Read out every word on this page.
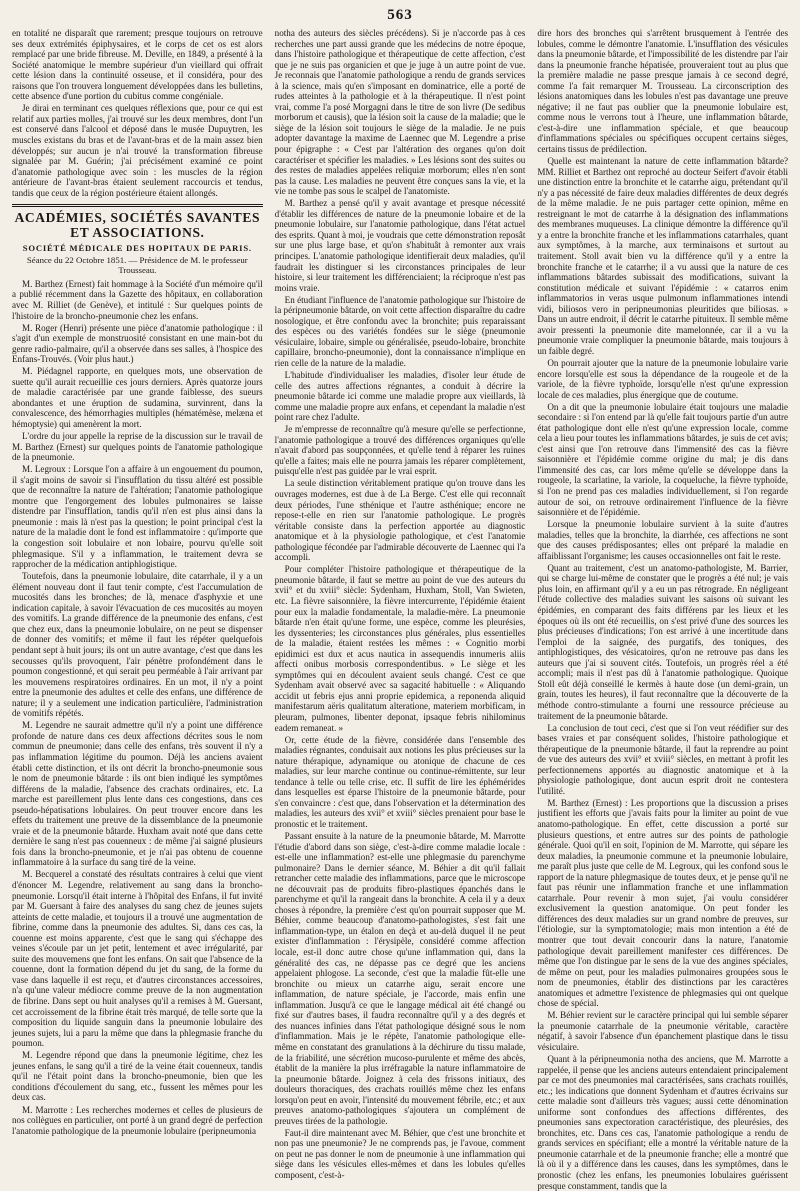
563

en totalité ne disparaît que rarement; presque toujours on retrouve ses deux extrémités épiphysaires, et le corps de cet os est alors remplacé par une bride fibreuse. M. Deville, en 1849, a présenté à la Société anatomique le membre supérieur d'un vieillard qui offrait cette lésion dans la continuité osseuse, et il considéra, pour des raisons que l'on trouvera longuement développées dans les bulletins, cette absence d'une portion du cubitus comme congéniale.

Je dirai en terminant ces quelques réflexions que, pour ce qui est relatif aux parties molles, j'ai trouvé sur les deux membres, dont l'un est conservé dans l'alcool et déposé dans le musée Dupuytren, les muscles existans du bras et de l'avant-bras et de la main assez bien développés; sur aucun je n'ai trouvé la transformation fibreuse signalée par M. Guérin; j'ai précisément examiné ce point d'anatomie pathologique avec soin : les muscles de la région antérieure de l'avant-bras étaient seulement raccourcis et tendus, tandis que ceux de la région postérieure étaient allongés.

ACADÉMIES, SOCIÉTÉS SAVANTES ET ASSOCIATIONS.
SOCIÉTÉ MÉDICALE DES HOPITAUX DE PARIS.
Séance du 22 Octobre 1851. — Présidence de M. le professeur Trousseau.

M. Barthez (Ernest) fait hommage à la Société d'un mémoire qu'il a publié récemment dans la Gazette des hôpitaux, en collaboration avec M. Rilliet (de Genève), et intitulé : Sur quelques points de l'histoire de la broncho-pneumonie chez les enfans.

M. Roger (Henri) présente une pièce d'anatomie pathologique : il s'agit d'un exemple de monstruosité consistant en une main-bot du genre radio-palmaire, qu'il a observée dans ses salles, à l'hospice des Enfans-Trouvés. (Voir plus haut.)

M. Piédagnel rapporte, en quelques mots, une observation de suette qu'il aurait recueillie ces jours derniers. Après quatorze jours de maladie caractérisée par une grande faiblesse, des sueurs abondantes et une éruption de sudamina, survinrent, dans la convalescence, des hémorrhagies multiples (hématémèse, melæna et hémoptysie) qui amenèrent la mort.

L'ordre du jour appelle la reprise de la discussion sur le travail de M. Barthez (Ernest) sur quelques points de l'anatomie pathologique de la pneumonie.

M. Legroux : Lorsque l'on a affaire à un engouement du poumon, il s'agit moins de savoir si l'insufflation du tissu altéré est possible que de reconnaître la nature de l'altération; l'anatomie pathologique montre que l'engorgement des lobules pulmonaires se laisse distendre par l'insufflation, tandis qu'il n'en est plus ainsi dans la pneumonie : mais là n'est pas la question; le point principal c'est la nature de la maladie dont le fond est inflammatoire : qu'importe que la congestion soit lobulaire et non lobaire, pourvu qu'elle soit phlegmasique. S'il y a inflammation, le traitement devra se rapprocher de la médication antiphlogistique.

Toutefois, dans la pneumonie lobulaire, dite catarrhale, il y a un élément nouveau dont il faut tenir compte, c'est l'accumulation de mucosités dans les bronches; de là, menace d'asphyxie et une indication capitale, à savoir l'évacuation de ces mucosités au moyen des vomitifs. La grande différence de la pneumonie des enfans, c'est que chez eux, dans la pneumonie lobulaire, on ne peut se dispenser de donner des vomitifs; et même il faut les répéter quelquefois pendant sept à huit jours; ils ont un autre avantage, c'est que dans les secousses qu'ils provoquent, l'air pénètre profondément dans le poumon congestionné, et qui serait peu perméable à l'air arrivant par les mouvemens respiratoires ordinaires. En un mot, il n'y a point entre la pneumonie des adultes et celle des enfans, une différence de nature; il y a seulement une indication particulière, l'administration de vomitifs répétés.

M. Legendre ne saurait admettre qu'il n'y a point une différence profonde de nature dans ces deux affections décrites sous le nom commun de pneumonie; dans celle des enfans, très souvent il n'y a pas inflammation légitime du poumon. Déjà les anciens avaient établi cette distinction, et ils ont décrit la broncho-pneumonie sous le nom de pneumonie bâtarde : ils ont bien indiqué les symptômes différens de la maladie, l'absence des crachats ordinaires, etc. La marche est pareillement plus lente dans ces congestions, dans ces pseudo-hépatisations lobulaires. On peut trouver encore dans les effets du traitement une preuve de la dissemblance de la pneumonie vraie et de la pneumonie bâtarde. Huxham avait noté que dans cette dernière le sang n'est pas couenneux : de même j'ai saigné plusieurs fois dans la broncho-pneumonie, et je n'ai pas obtenu de couenne inflammatoire à la surface du sang tiré de la veine.

M. Becquerel a constaté des résultats contraires à celui que vient d'énoncer M. Legendre, relativement au sang dans la broncho-pneumonie. Lorsqu'il était interne à l'hôpital des Enfans, il fut invité par M. Guersant à faire des analyses du sang chez de jeunes sujets atteints de cette maladie, et toujours il a trouvé une augmentation de fibrine, comme dans la pneumonie des adultes. Si, dans ces cas, la couenne est moins apparente, c'est que le sang qui s'échappe des veines s'écoule par un jet petit, lentement et avec irrégularité, par suite des mouvemens que font les enfans. On sait que l'absence de la couenne, dont la formation dépend du jet du sang, de la forme du vase dans laquelle il est reçu, et d'autres circonstances accessoires, n'a qu'une valeur médiocre comme preuve de la non augmentation de fibrine. Dans sept ou huit analyses qu'il a remises à M. Guersant, cet accroissement de la fibrine était très marqué, de telle sorte que la composition du liquide sanguin dans la pneumonie lobulaire des jeunes sujets, lui a paru la même que dans la phlegmasie franche du poumon.

M. Legendre répond que dans la pneumonie légitime, chez les jeunes enfans, le sang qu'il a tiré de la veine était couenneux, tandis qu'il ne l'était point dans la broncho-pneumonie, bien que les conditions d'écoulement du sang, etc., fussent les mêmes pour les deux cas.

M. Marrotte : Les recherches modernes et celles de plusieurs de nos collègues en particulier, ont porté à un grand degré de perfection l'anatomie pathologique de la pneumonie lobulaire (peripneumonia

notha des auteurs des siècles précédens). Si je n'accorde pas à ces recherches une part aussi grande que les médecins de notre époque, dans l'histoire pathologique et thérapeutique de cette affection, c'est que je ne suis pas organicien et que je juge à un autre point de vue. Je reconnais que l'anatomie pathologique a rendu de grands services à la science, mais qu'en s'imposant en dominatrice, elle a porté de rudes atteintes à la pathologie et à la thérapeutique. Il n'est point vrai, comme l'a posé Morgagni dans le titre de son livre (De sedibus morborum et causis), que la lésion soit la cause de la maladie; que le siège de la lésion soit toujours le siège de la maladie. Je ne puis adopter davantage la maxime de Laennec que M. Legendre a prise pour épigraphe : « C'est par l'altération des organes qu'on doit caractériser et spécifier les maladies. » Les lésions sont des suites ou des restes de maladies appelées reliquiæ morborum; elles n'en sont pas la cause. Les maladies ne peuvent être conçues sans la vie, et la vie ne tombe pas sous le scalpel de l'anatomiste.

M. Barthez a pensé qu'il y avait avantage et presque nécessité d'établir les différences de nature de la pneumonie lobaire et de la pneumonie lobulaire, sur l'anatomie pathologique, dans l'état actuel des esprits. Quant à moi, je voudrais que cette démonstration reposât sur une plus large base, et qu'on s'habituât à remonter aux vrais principes. L'anatomie pathologique identifierait deux maladies, qu'il faudrait les distinguer si les circonstances principales de leur histoire, si leur traitement les différenciaient; la réciproque n'est pas moins vraie.

En étudiant l'influence de l'anatomie pathologique sur l'histoire de la péripneumonie bâtarde, on voit cette affection disparaître du cadre nosologique, et être confondu avec la bronchite; puis reparaissant des espèces ou des variétés fondées sur le siège (pneumonie vésiculaire, lobaire, simple ou généralisée, pseudo-lobaire, bronchite capillaire, broncho-pneumonie), dont la connaissance n'implique en rien celle de la nature de la maladie.

L'habitude d'individualiser les maladies, d'isoler leur étude de celle des autres affections régnantes, a conduit à décrire la pneumonie bâtarde ici comme une maladie propre aux vieillards, là comme une maladie propre aux enfans, et cependant la maladie n'est point rare chez l'adulte.

Je m'empresse de reconnaître qu'à mesure qu'elle se perfectionne, l'anatomie pathologique a trouvé des différences organiques qu'elle n'avait d'abord pas soupçonnées, et qu'elle tend à réparer les ruines qu'elle a faites; mais elle ne pourra jamais les réparer complètement, puisqu'elle n'est pas guidée par le vrai esprit.

La seule distinction véritablement pratique qu'on trouve dans les ouvrages modernes, est due à de La Berge. C'est elle qui reconnaît deux périodes, l'une sthénique et l'autre asthénique; encore ne repose-t-elle en rien sur l'anatomie pathologique. Le progrès véritable consiste dans la perfection apportée au diagnostic anatomique et à la physiologie pathologique, et c'est l'anatomie pathologique fécondée par l'admirable découverte de Laennec qui l'a accompli.

Pour compléter l'histoire pathologique et thérapeutique de la pneumonie bâtarde, il faut se mettre au point de vue des auteurs du xvii° et du xviii° siècle: Sydenham, Huxham, Stoll, Van Swieten, etc. La fièvre saisonnière, la fièvre intercurrente, l'épidémie étaient pour eux la maladie fondamentale, la maladie-mère. La pneumonie bâtarde n'en était qu'une forme, une espèce, comme les pleurésies, les dyssenteries; les circonstances plus générales, plus essentielles de la maladie, étaient restées les mêmes : « Cognitio morbi epidimici est dux et acus nautica in assequendis innumeris aliis affecti onibus morbosis correspondentibus. » Le siège et les symptômes qui en découlent avaient seuls changé. C'est ce que Sydenham avait observé avec sa sagacité habituelle : « Aliquando accidit ut febris ejus anni proprie epidemica, a reponenda aliquid manifestarum aëris qualitatum alteratione, materiem morbificam, in pleuram, pulmones, libenter deponat, ipsaque febris nihilominus eadem remaneat. »

Or, cette étude de la fièvre, considérée dans l'ensemble des maladies régnantes, conduisait aux notions les plus précieuses sur la nature thérapique, adynamique ou atonique de chacune de ces maladies, sur leur marche continue ou continue-rémittente, sur leur tendance à telle ou telle crise, etc. Il suffit de lire les éphémérides dans lesquelles est éparse l'histoire de la pneumonie bâtarde, pour s'en convaincre : c'est que, dans l'observation et la détermination des maladies, les auteurs des xvii° et xviii° siècles prenaient pour base le pronostic et le traitement.

Passant ensuite à la nature de la pneumonie bâtarde, M. Marrotte l'étudie d'abord dans son siège, c'est-à-dire comme maladie locale : est-elle une inflammation? est-elle une phlegmasie du parenchyme pulmonaire? Dans le dernier séance, M. Béhier a dit qu'il fallait retrancher cette maladie des inflammations, parce que le microscope ne découvrait pas de produits fibro-plastiques épanchés dans le parenchyme et qu'il la rangeait dans la bronchite. A cela il y a deux choses à répondre, la première c'est qu'on pourrait supposer que M. Béhier, comme beaucoup d'anatomo-pathologistes, s'est fait une inflammation-type, un étalon en deçà et au-delà duquel il ne peut exister d'inflammation : l'érysipèle, considéré comme affection locale, est-il donc autre chose qu'une inflammation qui, dans la généralité des cas, ne dépasse pas ce degré que les anciens appelaient phlogose. La seconde, c'est que la maladie fût-elle une bronchite ou mieux un catarrhe aigu, serait encore une inflammation, de nature spéciale, je l'accorde, mais enfin une inflammation. Jusqu'à ce que le langage médical ait été changé ou fixé sur d'autres bases, il faudra reconnaître qu'il y a des degrés et des nuances infinies dans l'état pathologique désigné sous le nom d'inflammation. Mais je le répète, l'anatomie pathologique elle-même en constatant des granulations à la déchirure du tissu malade, de la friabilité, une sécrétion mucoso-purulente et même des abcès, établit de la manière la plus irréfragable la nature inflammatoire de la pneumonie bâtarde. Joignez à cela des frissons initiaux, des douleurs thoraciques, des crachats rouillés même chez les enfans lorsqu'on peut en avoir, l'intensité du mouvement fébrile, etc.; et aux preuves anatomo-pathologiques s'ajoutera un complément de preuves tirées de la pathologie.

Faut-il dire maintenant avec M. Béhier, que c'est une bronchite et non pas une pneumonie? Je ne comprends pas, je l'avoue, comment on peut ne pas donner le nom de pneumonie à une inflammation qui siège dans les vésicules elles-mêmes et dans les lobules qu'elles composent, c'est-à-

dire hors des bronches qui s'arrêtent brusquement à l'entrée des lobules, comme le démontre l'anatomie. L'insufflation des vésicules dans la pneumonie bâtarde, et l'impossibilité de les distendre par l'air dans la pneumonie franche hépatisée, prouveraient tout au plus que la première maladie ne passe presque jamais à ce second degré, comme l'a fait remarquer M. Trousseau. La circonscription des lésions anatomiques dans les lobules n'est pas davantage une preuve négative; il ne faut pas oublier que la pneumonie lobulaire est, comme nous le verrons tout à l'heure, une inflammation bâtarde, c'est-à-dire une inflammation spéciale, et que beaucoup d'inflammations spéciales ou spécifiques occupent certains sièges, certains tissus de prédilection.

Quelle est maintenant la nature de cette inflammation bâtarde? MM. Rilliet et Barthez ont reproché au docteur Seifert d'avoir établi une distinction entre la bronchite et le catarrhe aigu, prétendant qu'il n'y a pas nécessité de faire deux maladies différentes de deux degrés de la même maladie. Je ne puis partager cette opinion, même en restreignant le mot de catarrhe à la désignation des inflammations des membranes muqueuses. La clinique démontre la différence qu'il y a entre la bronchite franche et les inflammations catarrhales, quant aux symptômes, à la marche, aux terminaisons et surtout au traitement. Stoll avait bien vu la différence qu'il y a entre la bronchite franche et le catarrhe; il a vu aussi que la nature de ces inflammations bâtardes subissait des modifications, suivant la constitution médicale et suivant l'épidémie : « catarros enim inflammatorios in veras usque pulmonum inflammationes intendi vidi, biliosos vero in peripneumonias pleuritides que biliosas. » Dans un autre endroit, il décrit le catarrhe pituiteux. Il semble même avoir pressenti la pneumonie dite mamelonnée, car il a vu la pneumonie vraie compliquer la pneumonie bâtarde, mais toujours à un faible degré.

On pourrait ajouter que la nature de la pneumonie lobulaire varie encore lorsqu'elle est sous la dépendance de la rougeole et de la variole, de la fièvre typhoïde, lorsqu'elle n'est qu'une expression locale de ces maladies, plus énergique que de coutume.

On a dit que la pneumonie lobulaire était toujours une maladie secondaire : si l'on entend par là qu'elle fait toujours partie d'un autre état pathologique dont elle n'est qu'une expression locale, comme cela a lieu pour toutes les inflammations bâtardes, je suis de cet avis; c'est ainsi que l'on retrouve dans l'immensité des cas la fièvre saisonnière et l'épidémie comme origine du mal; je dis dans l'immensité des cas, car lors même qu'elle se développe dans la rougeole, la scarlatine, la variole, la coqueluche, la fièvre typhoïde, si l'on ne prend pas ces maladies individuellement, si l'on regarde autour de soi, on retrouve ordinairement l'influence de la fièvre saisonnière et de l'épidémie.

Lorsque la pneumonie lobulaire survient à la suite d'autres maladies, telles que la bronchite, la diarrhée, ces affections ne sont que des causes prédisposantes; elles ont préparé la maladie en affaiblissant l'organisme; les causes occasionnelles ont fait le reste.

Quant au traitement, c'est un anatomo-pathologiste, M. Barrier, qui se charge lui-même de constater que le progrès a été nul; je vais plus loin, en affirmant qu'il y a eu un pas rétrograde. En négligeant l'étude collective des maladies suivant les saisons où suivant les épidémies, en comparant des faits différens par les lieux et les époques où ils ont été recueillis, on s'est privé d'une des sources les plus précieuses d'indications; l'on est arrivé à une incertitude dans l'emploi de la saignée, des purgatifs, des toniques, des antiphlogistiques, des vésicatoires, qu'on ne retrouve pas dans les auteurs que j'ai si souvent cités. Toutefois, un progrès réel a été accompli; mais il n'est pas dû à l'anatomie pathologique. Quoique Stoll eût déjà conseillé le kermès à haute dose (un demi-grain, un grain, toutes les heures), il faut reconnaître que la découverte de la méthode contro-stimulante a fourni une ressource précieuse au traitement de la pneumonie bâtarde.

La conclusion de tout ceci, c'est que si l'on veut réédifier sur des bases vraies et par conséquent solides, l'histoire pathologique et thérapeutique de la pneumonie bâtarde, il faut la reprendre au point de vue des auteurs des xvii° et xviii° siècles, en mettant à profit les perfectionnemens apportés au diagnostic anatomique et à la physiologie pathologique, dont aucun esprit droit ne contestera l'utilité.

M. Barthez (Ernest) : Les proportions que la discussion a prises justifient les efforts que j'avais faits pour la limiter au point de vue anatomo-pathologique. En effet, cette discussion a porté sur plusieurs questions, et entre autres sur des points de pathologie générale. Quoi qu'il en soit, l'opinion de M. Marrotte, qui sépare les deux maladies, la pneumonie commune et la pneumonie lobulaire, me paraît plus juste que celle de M. Legroux, qui les confond sous le rapport de la nature phlegmasique de toutes deux, et je pense qu'il ne faut pas réunir une inflammation franche et une inflammation catarrhale. Pour revenir à mon sujet, j'ai voulu considérer exclusivement la question anatomique. On peut fonder les différences des deux maladies sur un grand nombre de preuves, sur l'étiologie, sur la symptomatologie; mais mon intention a été de montrer que tout devait concourir dans la nature, l'anatomie pathologique devait pareillement manifester ces différences. De même que l'on distingue par le sens de la vue des angines spéciales, de même on peut, pour les maladies pulmonaires groupées sous le nom de pneumonies, établir des distinctions par les caractères anatomiques et admettre l'existence de phlegmasies qui ont quelque chose de spécial.

M. Béhier revient sur le caractère principal qui lui semble séparer la pneumonie catarrhale de la pneumonie véritable, caractère négatif, à savoir l'absence d'un épanchement plastique dans le tissu vésiculaire.

Quant à la péripneumonia notha des anciens, que M. Marrotte a rappelée, il pense que les anciens auteurs entendaient principalement par ce mot des pneumonies mal caractérisées, sans crachats rouillés, etc.; les indications que donnent Sydenham et d'autres écrivains sur cette maladie sont d'ailleurs très vagues; aussi cette dénomination uniforme sont confondues des affections différentes, des pneumonies sans expectoration caractéristique, des pleurésies, des bronchites, etc. Dans ces cas, l'anatomie pathologique a rendu de grands services en spécifiant; elle a montré la véritable nature de la pneumonie catarrhale et de la pneumonie franche; elle a montré que là où il y a différence dans les causes, dans les symptômes, dans le pronostic (chez les enfans, les pneumonies lobulaires guérissent presque constamment, tandis que la
